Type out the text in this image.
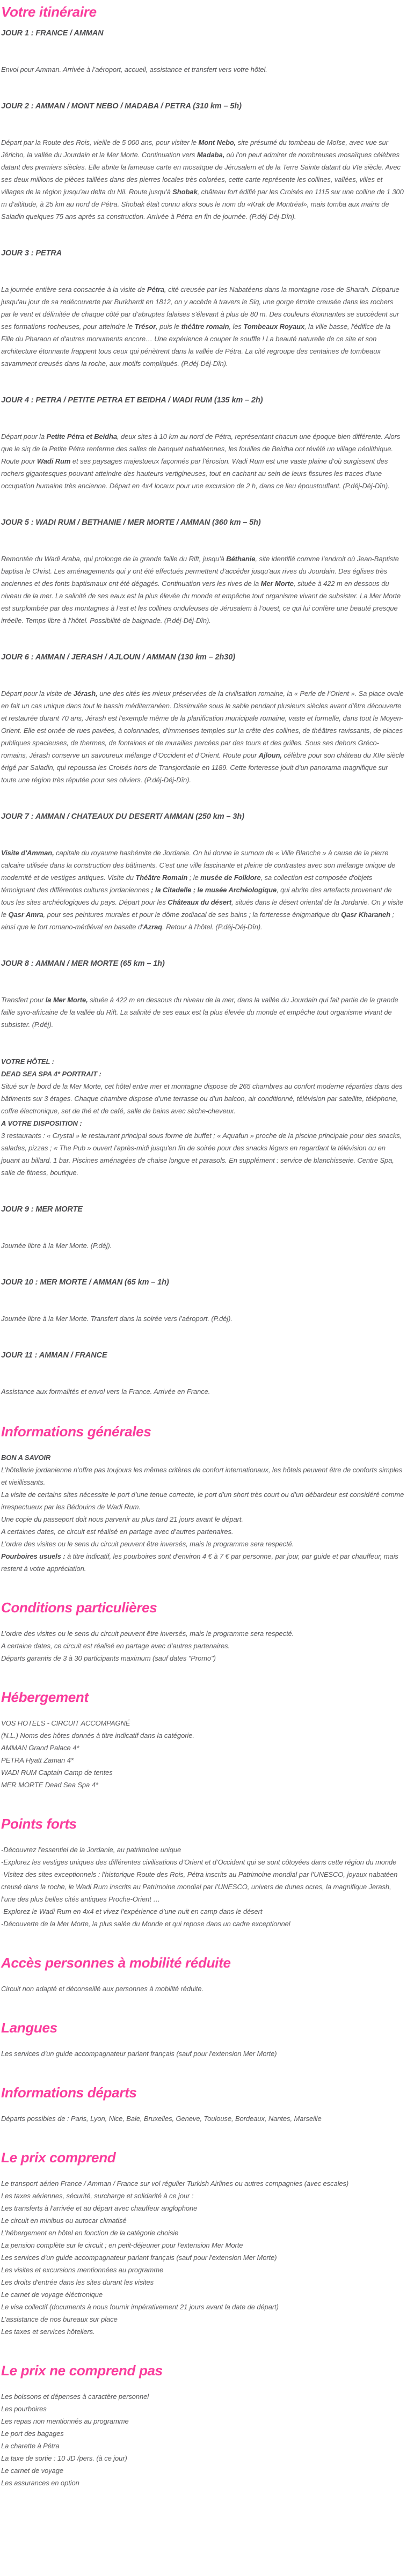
Votre itinéraire
JOUR 1 : FRANCE / AMMAN

Envol pour Amman. Arrivée à l’aéroport, accueil, assistance et transfert vers votre hôtel.

JOUR 2 : AMMAN / MONT NEBO / MADABA / PETRA (310 km – 5h)

Départ par la Route des Rois, vieille de 5 000 ans, pour visiter le Mont Nebo, site présumé du tombeau de Moïse, avec vue sur Jéricho, la vallée du Jourdain et la Mer Morte. Continuation vers Madaba, où l'on peut admirer de nombreuses mosaïques célèbres datant des premiers siècles. Elle abrite la fameuse carte en mosaïque de Jérusalem et de la Terre Sainte datant du VIe siècle. Avec ses deux millions de pièces taillées dans des pierres locales très colorées, cette carte représente les collines, vallées, villes et villages de la région jusqu'au delta du Nil. Route jusqu'à Shobak, château fort édifié par les Croisés en 1115 sur une colline de 1 300 m d’altitude, à 25 km au nord de Pétra. Shobak était connu alors sous le nom du «Krak de Montréal», mais tomba aux mains de Saladin quelques 75 ans après sa construction. Arrivée à Pétra en fin de journée. (P.déj-Déj-Dîn).

JOUR 3 : PETRA

La journée entière sera consacrée à la visite de Pétra, cité creusée par les Nabatéens dans la montagne rose de Sharah. Disparue jusqu'au jour de sa redécouverte par Burkhardt en 1812, on y accède à travers le Siq, une gorge étroite creusée dans les rochers par le vent et délimitée de chaque côté par d’abruptes falaises s'élevant à plus de 80 m. Des couleurs étonnantes se succèdent sur ses formations rocheuses, pour atteindre le Trésor, puis le théâtre romain, les Tombeaux Royaux, la ville basse, l'édifice de la Fille du Pharaon et d'autres monuments encore… Une expérience à couper le souffle ! La beauté naturelle de ce site et son architecture étonnante frappent tous ceux qui pénètrent dans la vallée de Pétra. La cité regroupe des centaines de tombeaux savamment creusés dans la roche, aux motifs compliqués. (P.déj-Déj-Dîn).

JOUR 4 : PETRA / PETITE PETRA ET BEIDHA / WADI RUM (135 km – 2h)

Départ pour la Petite Pétra et Beidha, deux sites à 10 km au nord de Pétra, représentant chacun une époque bien différente. Alors que le siq de la Petite Pétra renferme des salles de banquet nabatéennes, les fouilles de Beidha ont révélé un village néolithique. Route pour Wadi Rum et ses paysages majestueux façonnés par l’érosion. Wadi Rum est une vaste plaine d’où surgissent des rochers gigantesques pouvant atteindre des hauteurs vertigineuses, tout en cachant au sein de leurs fissures les traces d'une occupation humaine très ancienne. Départ en 4x4 locaux pour une excursion de 2 h, dans ce lieu époustouflant. (P.déj-Déj-Dîn).

JOUR 5 : WADI RUM / BETHANIE / MER MORTE / AMMAN (360 km – 5h)

Remontée du Wadi Araba, qui prolonge de la grande faille du Rift, jusqu'à Béthanie, site identifié comme l’endroit où Jean-Baptiste baptisa le Christ. Les aménagements qui y ont été effectués permettent d’accéder jusqu'aux rives du Jourdain. Des églises très anciennes et des fonts baptismaux ont été dégagés. Continuation vers les rives de la Mer Morte, située à 422 m en dessous du niveau de la mer. La salinité de ses eaux est la plus élevée du monde et empêche tout organisme vivant de subsister. La Mer Morte est surplombée par des montagnes à l’est et les collines onduleuses de Jérusalem à l’ouest, ce qui lui confère une beauté presque irréelle. Temps libre à l’hôtel. Possibilité de baignade. (P.déj-Déj-Dîn).

JOUR 6 : AMMAN / JERASH / AJLOUN / AMMAN (130 km – 2h30)

Départ pour la visite de Jérash, une des cités les mieux préservées de la civilisation romaine, la « Perle de l’Orient ». Sa place ovale en fait un cas unique dans tout le bassin méditerranéen. Dissimulée sous le sable pendant plusieurs siècles avant d'être découverte et restaurée durant 70 ans, Jérash est l'exemple même de la planification municipale romaine, vaste et formelle, dans tout le Moyen-Orient. Elle est ornée de rues pavées, à colonnades, d'immenses temples sur la crête des collines, de théâtres ravissants, de places publiques spacieuses, de thermes, de fontaines et de murailles percées par des tours et des grilles. Sous ses dehors Gréco-romains, Jérash conserve un savoureux mélange d’Occident et d’Orient. Route pour Ajloun, célèbre pour son château du XIIe siècle érigé par Saladin, qui repoussa les Croisés hors de Transjordanie en 1189. Cette forteresse jouit d’un panorama magnifique sur toute une région très réputée pour ses oliviers. (P.déj-Déj-Dîn).

JOUR 7 : AMMAN / CHATEAUX DU DESERT/ AMMAN (250 km – 3h)

Visite d'Amman, capitale du royaume hashémite de Jordanie. On lui donne le surnom de « Ville Blanche » à cause de la pierre calcaire utilisée dans la construction des bâtiments. C'est une ville fascinante et pleine de contrastes avec son mélange unique de modernité et de vestiges antiques. Visite du Théâtre Romain ; le musée de Folklore, sa collection est composée d'objets témoignant des différentes cultures jordaniennes ; la Citadelle ; le musée Archéologique, qui abrite des artefacts provenant de tous les sites archéologiques du pays. Départ pour les Châteaux du désert, situés dans le désert oriental de la Jordanie. On y visite le Qasr Amra, pour ses peintures murales et pour le dôme zodiacal de ses bains ; la forteresse énigmatique du Qasr Kharaneh ; ainsi que le fort romano-médiéval en basalte d'Azraq. Retour à l'hôtel. (P.déj-Déj-Dîn).

JOUR 8 : AMMAN / MER MORTE (65 km – 1h)

Transfert pour la Mer Morte, située à 422 m en dessous du niveau de la mer, dans la vallée du Jourdain qui fait partie de la grande faille syro-africaine de la vallée du Rift. La salinité de ses eaux est la plus élevée du monde et empêche tout organisme vivant de subsister. (P.déj).

VOTRE HÔTEL :
DEAD SEA SPA 4* PORTRAIT :
Situé sur le bord de la Mer Morte, cet hôtel entre mer et montagne dispose de 265 chambres au confort moderne réparties dans des bâtiments sur 3 étages. Chaque chambre dispose d’une terrasse ou d’un balcon, air conditionné, télévision par satellite, téléphone, coffre électronique, set de thé et de café, salle de bains avec sèche-cheveux.
A VOTRE DISPOSITION :
3 restaurants : « Crystal » le restaurant principal sous forme de buffet ; « Aquafun » proche de la piscine principale pour des snacks, salades, pizzas ; « The Pub » ouvert l’après-midi jusqu'en fin de soirée pour des snacks légers en regardant la télévision ou en jouant au billard. 1 bar. Piscines aménagées de chaise longue et parasols. En supplément : service de blanchisserie. Centre Spa, salle de fitness, boutique.
JOUR 9 : MER MORTE

Journée libre à la Mer Morte. (P.déj).

JOUR 10 : MER MORTE / AMMAN (65 km – 1h)

Journée libre à la Mer Morte. Transfert dans la soirée vers l’aéroport. (P.déj).

JOUR 11 : AMMAN / FRANCE

Assistance aux formalités et envol vers la France. Arrivée en France.

Informations générales
BON A SAVOIR
L’hôtellerie jordanienne n'offre pas toujours les mêmes critères de confort internationaux, les hôtels peuvent être de conforts simples et vieillissants.
La visite de certains sites nécessite le port d’une tenue correcte, le port d’un short très court ou d’un débardeur est considéré comme irrespectueux par les Bédouins de Wadi Rum.
Une copie du passeport doit nous parvenir au plus tard 21 jours avant le départ.
A certaines dates, ce circuit est réalisé en partage avec d’autres partenaires.
L’ordre des visites ou le sens du circuit peuvent être inversés, mais le programme sera respecté.
Pourboires usuels : à titre indicatif, les pourboires sont d'environ 4 € à 7 € par personne, par jour, par guide et par chauffeur, mais restent à votre appréciation.
Conditions particulières
L’ordre des visites ou le sens du circuit peuvent être inversés, mais le programme sera respecté.
A certaine dates, ce circuit est réalisé en partage avec d’autres partenaires.
Départs garantis de 3 à 30 participants maximum (sauf dates "Promo")
Hébergement
VOS HOTELS - CIRCUIT ACCOMPAGNÉ
(N.L.) Noms des hôtes donnés à titre indicatif dans la catégorie.
AMMAN Grand Palace 4*
PETRA Hyatt Zaman 4*
WADI RUM Captain Camp de tentes
MER MORTE Dead Sea Spa 4*
Points forts
-Découvrez l’essentiel de la Jordanie, au patrimoine unique
-Explorez les vestiges uniques des différentes civilisations d’Orient et d’Occident qui se sont côtoyées dans cette région du monde
-Visitez des sites exceptionnels : l’historique Route des Rois, Pétra inscrits au Patrimoine mondial par l’UNESCO, joyaux nabatéen creusé dans la roche, le Wadi Rum inscrits au Patrimoine mondial par l’UNESCO, univers de dunes ocres, la magnifique Jerash, l’une des plus belles cités antiques Proche-Orient …
-Explorez le Wadi Rum en 4x4 et vivez l’expérience d’une nuit en camp dans le désert
-Découverte de la Mer Morte, la plus salée du Monde et qui repose dans un cadre exceptionnel
Accès personnes à mobilité réduite
Circuit non adapté et déconseillé aux personnes à mobilité réduite.
Langues
Les services d'un guide accompagnateur parlant français (sauf pour l'extension Mer Morte)
Informations départs
Départs possibles de : Paris, Lyon, Nice, Bale, Bruxelles, Geneve, Toulouse, Bordeaux, Nantes, Marseille
Le prix comprend
Le transport aérien France / Amman / France sur vol régulier Turkish Airlines ou autres compagnies (avec escales)
Les taxes aériennes, sécurité, surcharge et solidarité à ce jour :
Les transferts à l'arrivée et au départ avec chauffeur anglophone
Le circuit en minibus ou autocar climatisé
L’hébergement en hôtel en fonction de la catégorie choisie
La pension complète sur le circuit ; en petit-déjeuner pour l'extension Mer Morte
Les services d'un guide accompagnateur parlant français (sauf pour l'extension Mer Morte)
Les visites et excursions mentionnées au programme
Les droits d'entrée dans les sites durant les visites
Le carnet de voyage éléctronique
Le visa collectif (documents à nous fournir impérativement 21 jours avant la date de départ)
L’assistance de nos bureaux sur place
Les taxes et services hôteliers.
Le prix ne comprend pas
Les boissons et dépenses à caractère personnel
Les pourboires
Les repas non mentionnés au programme
Le port des bagages
La charette à Pétra
La taxe de sortie : 10 JD /pers. (à ce jour)
Le carnet de voyage
Les assurances en option
